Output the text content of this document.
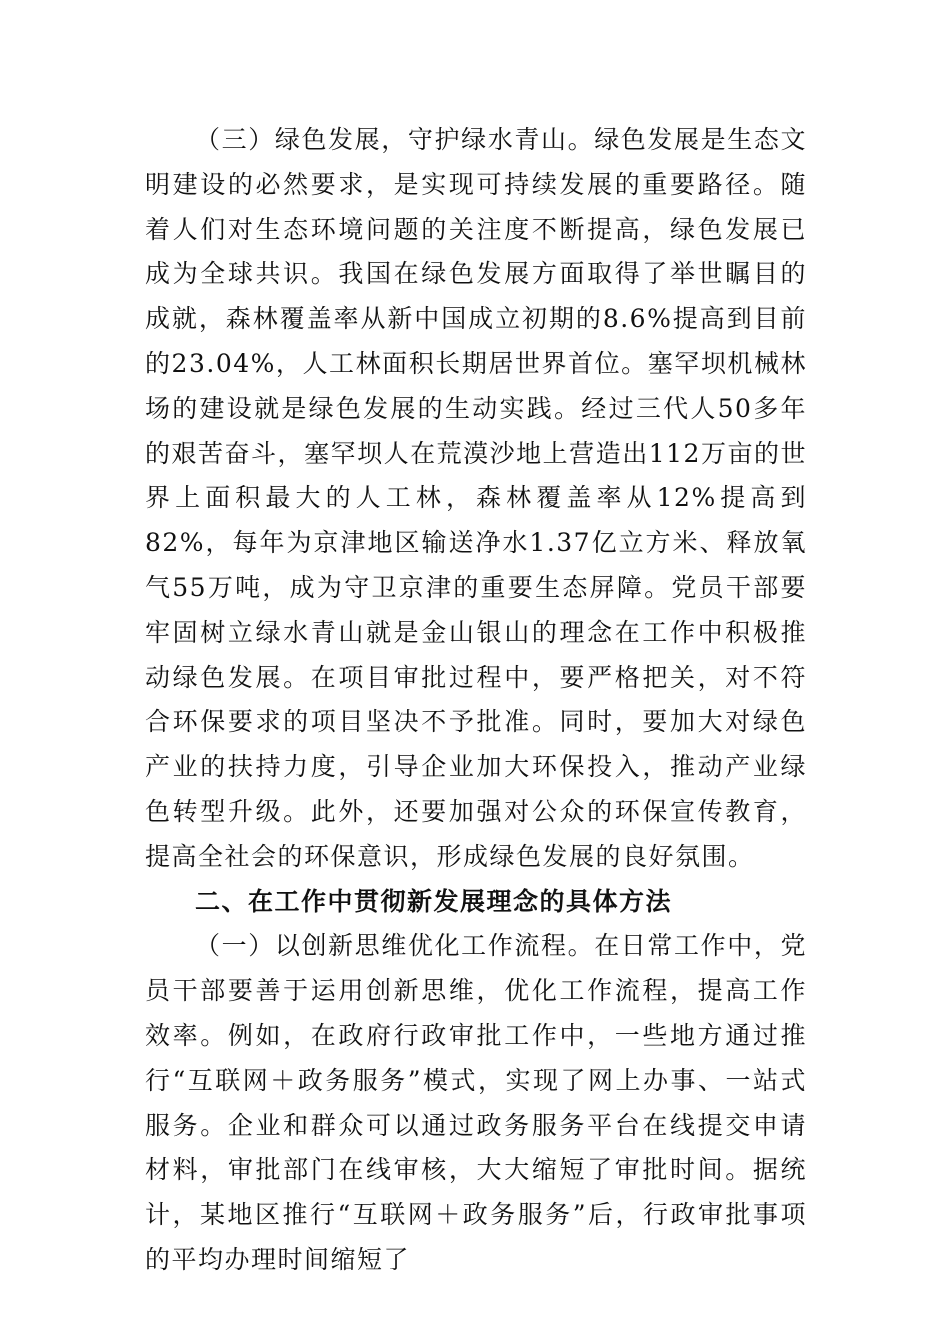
（三）绿色发展，守护绿水青山。绿色发展是生态文明建设的必然要求，是实现可持续发展的重要路径。随着人们对生态环境问题的关注度不断提高，绿色发展已成为全球共识。我国在绿色发展方面取得了举世瞩目的成就，森林覆盖率从新中国成立初期的8.6%提高到目前的23.04%，人工林面积长期居世界首位。塞罕坝机械林场的建设就是绿色发展的生动实践。经过三代人50多年的艰苦奋斗，塞罕坝人在荒漠沙地上营造出112万亩的世界上面积最大的人工林，森林覆盖率从12%提高到82%，每年为京津地区输送净水1.37亿立方米、释放氧气55万吨，成为守卫京津的重要生态屏障。党员干部要牢固树立绿水青山就是金山银山的理念在工作中积极推动绿色发展。在项目审批过程中，要严格把关，对不符合环保要求的项目坚决不予批准。同时，要加大对绿色产业的扶持力度，引导企业加大环保投入，推动产业绿色转型升级。此外，还要加强对公众的环保宣传教育，提高全社会的环保意识，形成绿色发展的良好氛围。

二、在工作中贯彻新发展理念的具体方法

（一）以创新思维优化工作流程。在日常工作中，党员干部要善于运用创新思维，优化工作流程，提高工作效率。例如，在政府行政审批工作中，一些地方通过推行“互联网＋政务服务”模式，实现了网上办事、一站式服务。企业和群众可以通过政务服务平台在线提交申请材料，审批部门在线审核，大大缩短了审批时间。据统计，某地区推行“互联网＋政务服务”后，行政审批事项的平均办理时间缩短了
